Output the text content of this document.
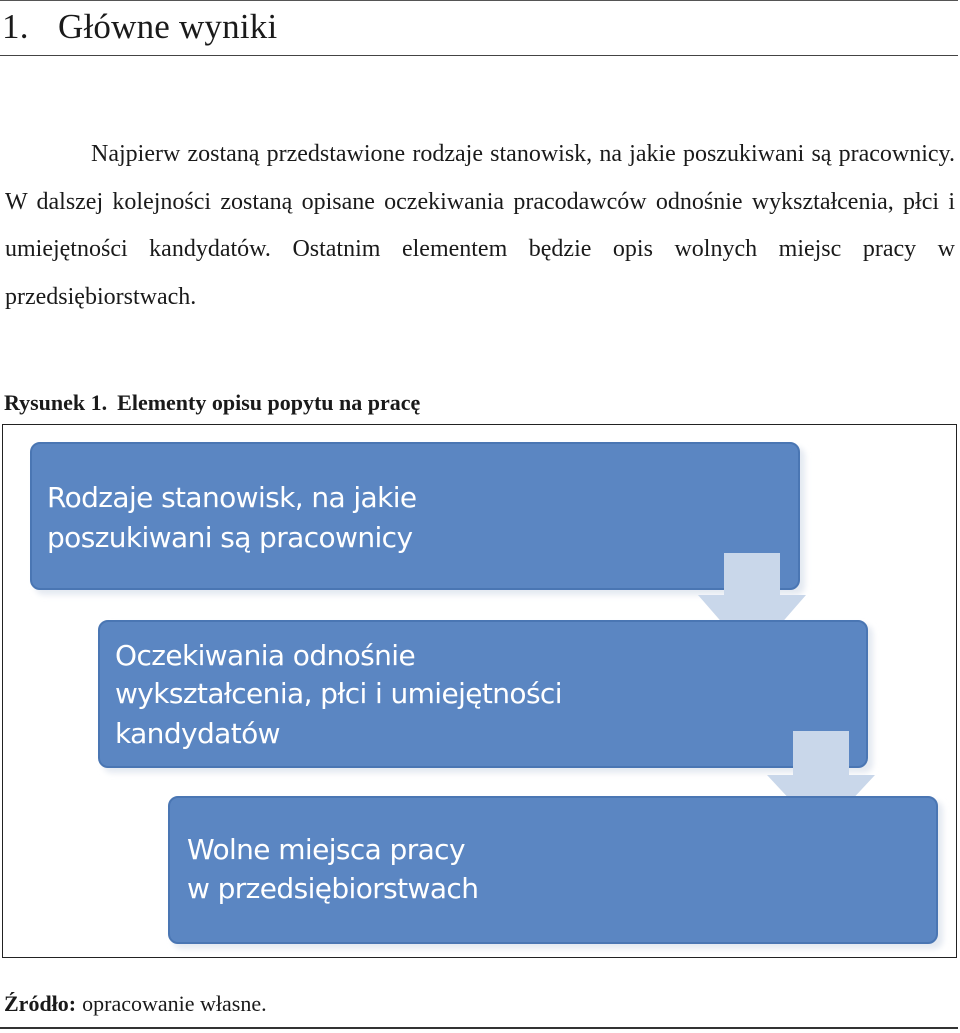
1. Główne wyniki

Najpierw zostaną przedstawione rodzaje stanowisk, na jakie poszukiwani są pracownicy. W dalszej kolejności zostaną opisane oczekiwania pracodawców odnośnie wykształcenia, płci i umiejętności kandydatów. Ostatnim elementem będzie opis wolnych miejsc pracy w przedsiębiorstwach.

Rysunek 1. Elementy opisu popytu na pracę

Rodzaje stanowisk, na jakie poszukiwani są pracownicy
Oczekiwania odnośnie wykształcenia, płci i umiejętności kandydatów
Wolne miejsca pracy w przedsiębiorstwach

Źródło: opracowanie własne.
